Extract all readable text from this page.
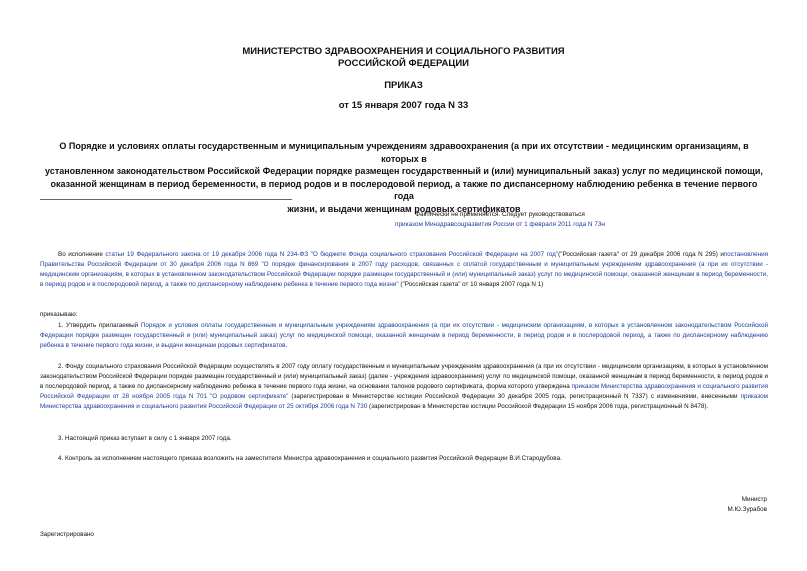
МИНИСТЕРСТВО ЗДРАВООХРАНЕНИЯ И СОЦИАЛЬНОГО РАЗВИТИЯ
РОССИЙСКОЙ ФЕДЕРАЦИИ
ПРИКАЗ
от 15 января 2007 года N 33
О Порядке и условиях оплаты государственным и муниципальным учреждениям здравоохранения (а при их отсутствии - медицинским организациям, в которых в
установленном законодательством Российской Федерации порядке размещен государственный и (или) муниципальный заказ) услуг по медицинской помощи,
оказанной женщинам в период беременности, в период родов и в послеродовой период, а также по диспансерному наблюдению ребенка в течение первого года
жизни, и выдачи женщинам родовых сертификатов
Фактически не применяется. Следует руководствоваться
приказом Минздравсоцразвития России от 1 февраля 2011 года N 73н
Во исполнение статьи 19 Федерального закона от 19 декабря 2006 года N 234-ФЗ "О бюджете Фонда социального страхования Российской Федерации на 2007 год"("Российская газета" от 29 декабря 2006 года N 295) ипостановления Правительства Российской Федерации от 30 декабря 2006 года N 869 "О порядке финансирования в 2007 году расходов, связанных с оплатой государственным и муниципальным учреждениям здравоохранения (а при их отсутствии - медицинским организациям, в которых в установленном законодательством Российской Федерации порядке размещен государственный и (или) муниципальный заказ) услуг по медицинской помощи, оказанной женщинам в период беременности, в период родов и в послеродовой период, а также по диспансерному наблюдению ребенка в течение первого года жизни" ("Российская газета" от 10 января 2007 года N 1)
приказываю:
1. Утвердить прилагаемый Порядок и условия оплаты государственным и муниципальным учреждениям здравоохранения (а при их отсутствии - медицинским организациям, в которых в установленном законодательством Российской Федерации порядке размещен государственный и (или) муниципальный заказ) услуг по медицинской помощи, оказанной женщинам в период беременности, в период родов и в послеродовой период, а также по диспансерному наблюдению ребенка в течение первого года жизни, и выдачи женщинам родовых сертификатов.
2. Фонду социального страхования Российской Федерации осуществлять в 2007 году оплату государственным и муниципальным учреждениям здравоохранения (а при их отсутствии - медицинским организациям, в которых в установленном законодательством Российской Федерации порядке размещен государственный и (или) муниципальный заказ) (далее - учреждения здравоохранения) услуг по медицинской помощи, оказанной женщинам в период беременности, в период родов и в послеродовой период, а также по диспансерному наблюдению ребенка в течение первого года жизни, на основании талонов родового сертификата, форма которого утверждена приказом Министерства здравоохранения и социального развития Российской Федерации от 28 ноября 2005 года N 701 "О родовом сертификате" (зарегистрирован в Министерстве юстиции Российской Федерации 30 декабря 2005 года, регистрационный N 7337) с изменениями, внесенными приказом Министерства здравоохранения и социального развития Российской Федерации от 25 октября 2006 года N 730 (зарегистрирован в Министерстве юстиции Российской Федерации 15 ноября 2006 года, регистрационный N 8478).
3. Настоящий приказ вступает в силу с 1 января 2007 года.
4. Контроль за исполнением настоящего приказа возложить на заместителя Министра здравоохранения и социального развития Российской Федерации В.И.Стародубова.
Министр
М.Ю.Зурабов
Зарегистрировано
